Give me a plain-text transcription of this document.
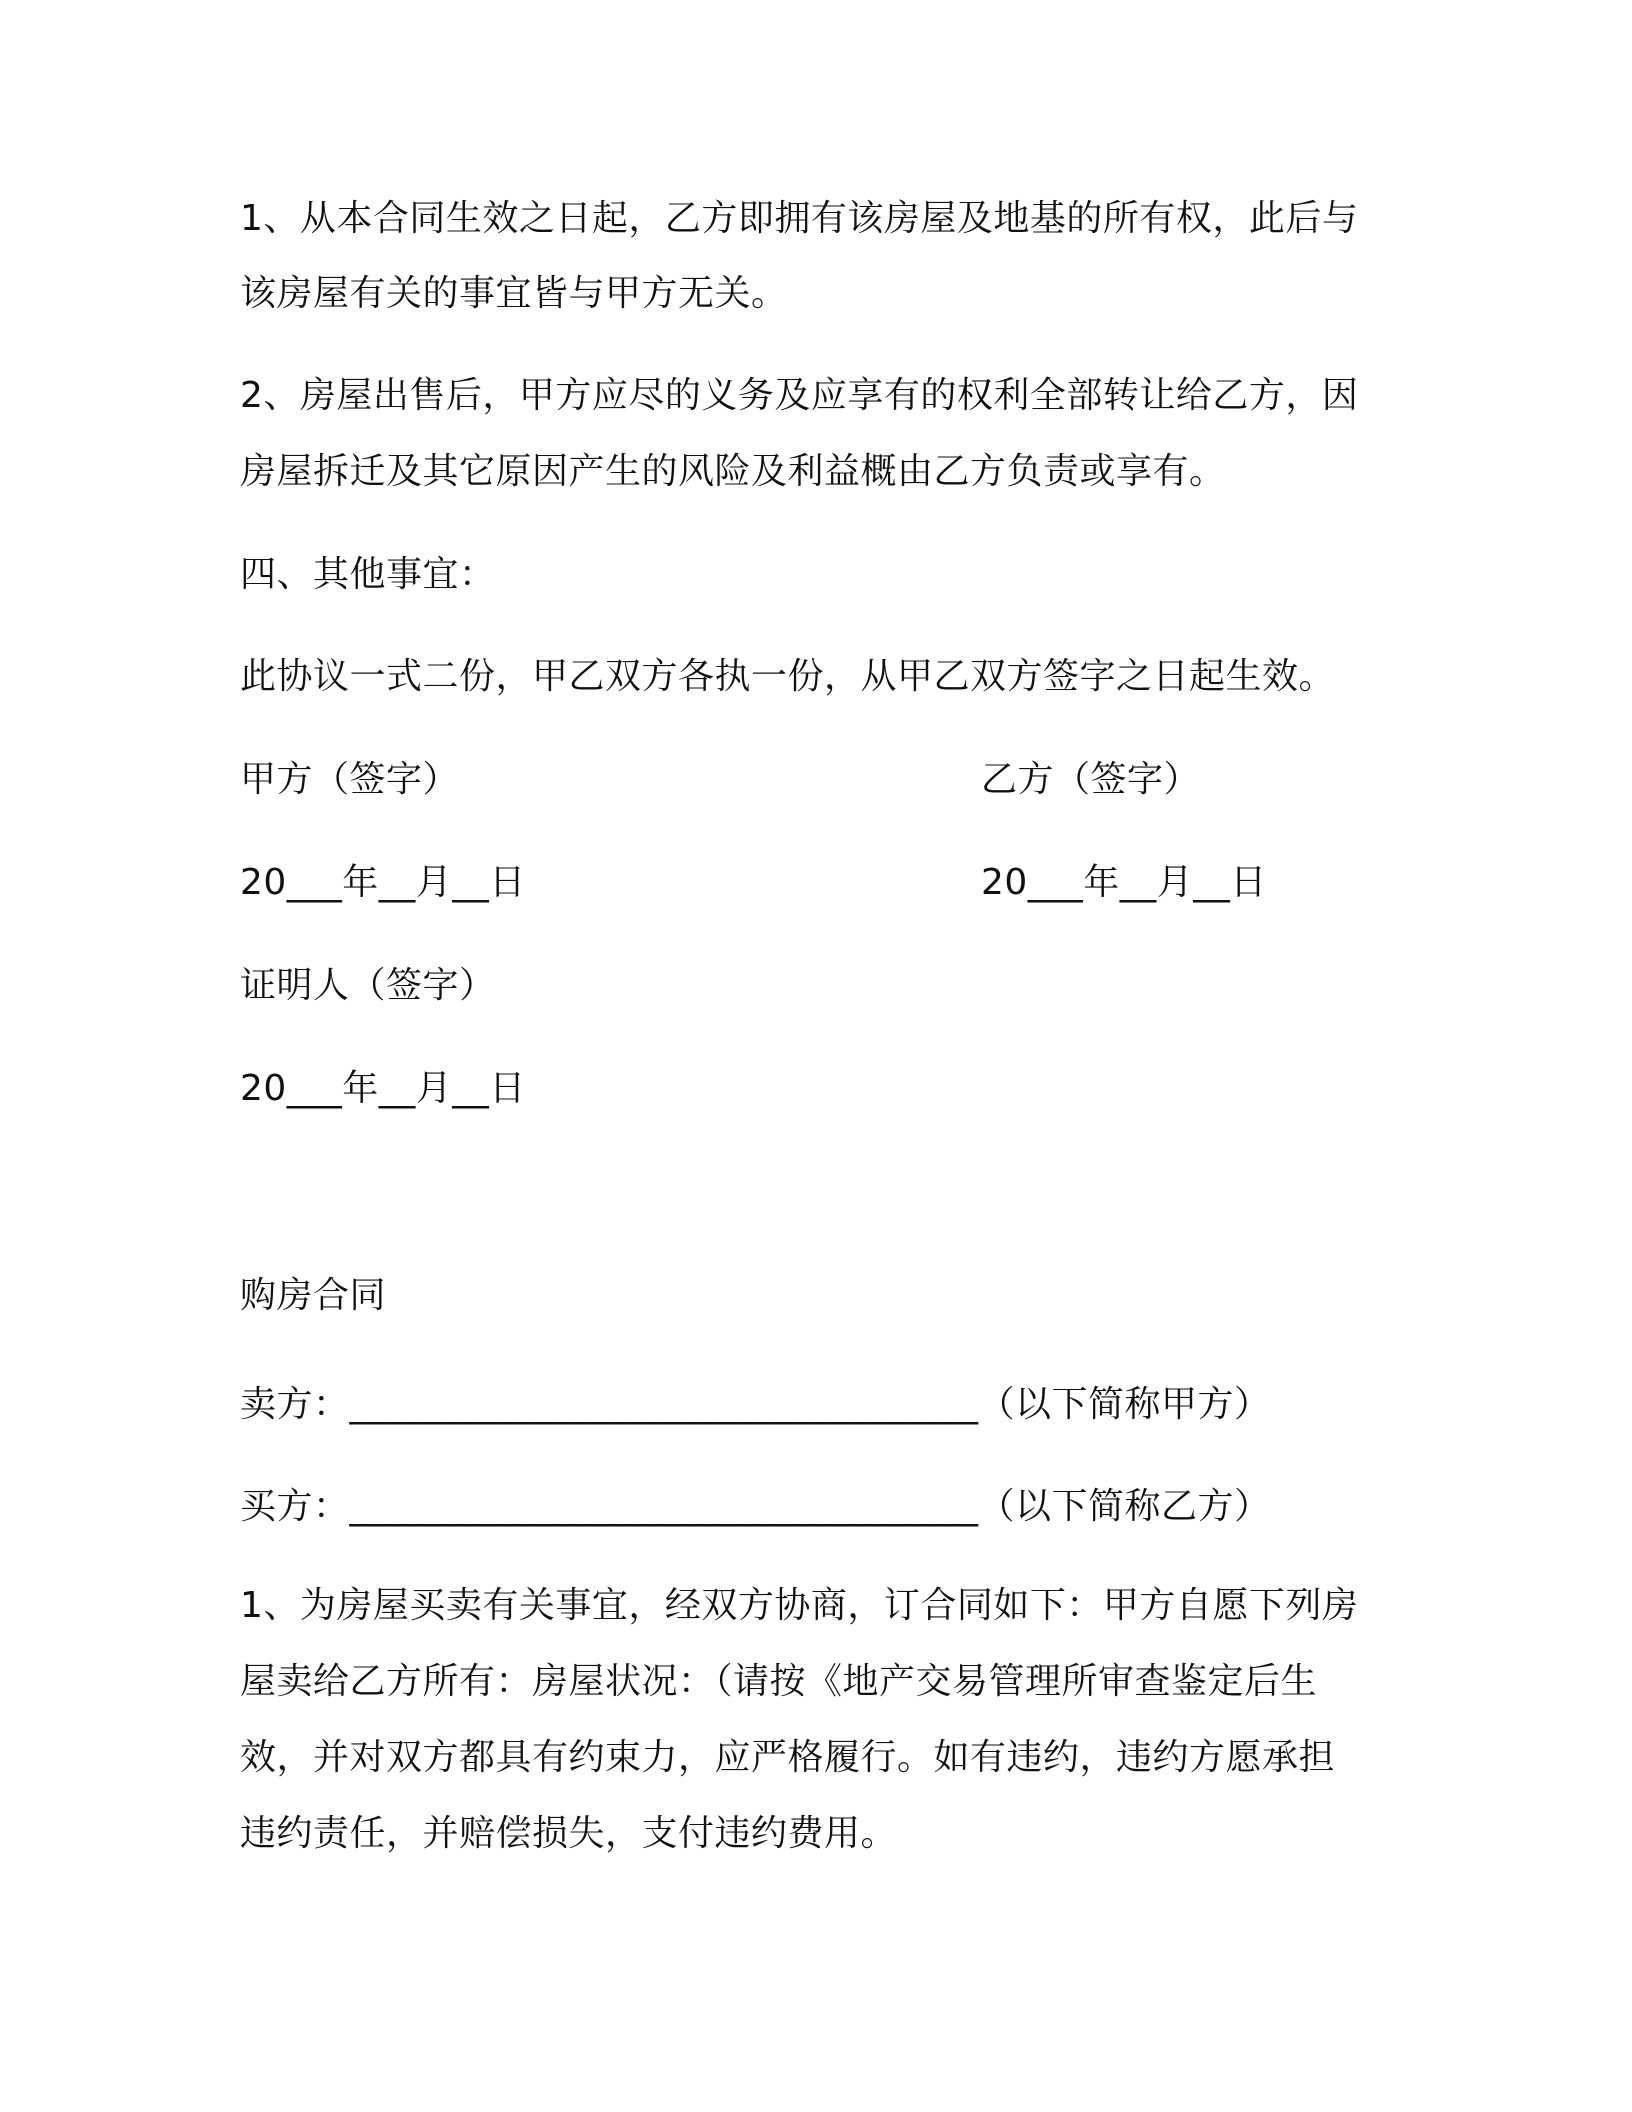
1、从本合同生效之日起，乙方即拥有该房屋及地基的所有权，此后与
该房屋有关的事宜皆与甲方无关。
2、房屋出售后，甲方应尽的义务及应享有的权利全部转让给乙方，因
房屋拆迁及其它原因产生的风险及利益概由乙方负责或享有。
四、其他事宜：
此协议一式二份，甲乙双方各执一份，从甲乙双方签字之日起生效。
甲方（签字）	乙方（签字）
20___年__月__日	20___年__月__日
证明人（签字）
20___年__月__日
购房合同
卖方：__________________________________（以下简称甲方）
买方：__________________________________（以下简称乙方）
1、为房屋买卖有关事宜，经双方协商，订合同如下：甲方自愿下列房
屋卖给乙方所有：房屋状况：（请按《地产交易管理所审查鉴定后生
效，并对双方都具有约束力，应严格履行。如有违约，违约方愿承担
违约责任，并赔偿损失，支付违约费用。
